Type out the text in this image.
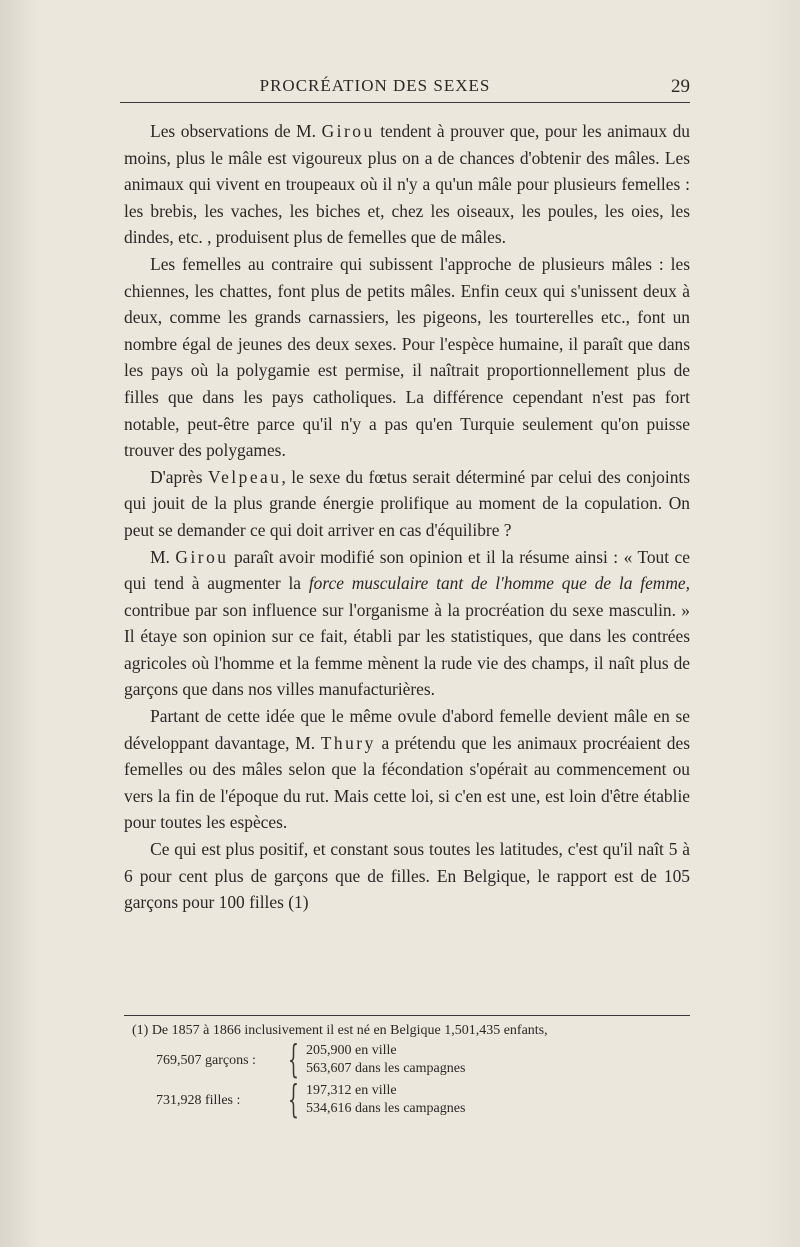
PROCRÉATION DES SEXES	29

Les observations de M. Girou tendent à prouver que, pour les animaux du moins, plus le mâle est vigoureux plus on a de chances d'obtenir des mâles. Les animaux qui vivent en troupeaux où il n'y a qu'un mâle pour plusieurs femelles : les brebis, les vaches, les biches et, chez les oiseaux, les poules, les oies, les dindes, etc. , produisent plus de femelles que de mâles.

Les femelles au contraire qui subissent l'approche de plusieurs mâles : les chiennes, les chattes, font plus de petits mâles. Enfin ceux qui s'unissent deux à deux, comme les grands carnassiers, les pigeons, les tourterelles etc., font un nombre égal de jeunes des deux sexes. Pour l'espèce humaine, il paraît que dans les pays où la polygamie est permise, il naîtrait proportionnellement plus de filles que dans les pays catholiques. La différence cependant n'est pas fort notable, peut-être parce qu'il n'y a pas qu'en Turquie seulement qu'on puisse trouver des polygames.

D'après Velpeau, le sexe du fœtus serait déterminé par celui des conjoints qui jouit de la plus grande énergie prolifique au moment de la copulation. On peut se demander ce qui doit arriver en cas d'équilibre ?

M. Girou paraît avoir modifié son opinion et il la résume ainsi : « Tout ce qui tend à augmenter la force musculaire tant de l'homme que de la femme, contribue par son influence sur l'organisme à la procréation du sexe masculin. » Il étaye son opinion sur ce fait, établi par les statistiques, que dans les contrées agricoles où l'homme et la femme mènent la rude vie des champs, il naît plus de garçons que dans nos villes manufacturières.

Partant de cette idée que le même ovule d'abord femelle devient mâle en se développant davantage, M. Thury a prétendu que les animaux procréaient des femelles ou des mâles selon que la fécondation s'opérait au commencement ou vers la fin de l'époque du rut. Mais cette loi, si c'en est une, est loin d'être établie pour toutes les espèces.

Ce qui est plus positif, et constant sous toutes les latitudes, c'est qu'il naît 5 à 6 pour cent plus de garçons que de filles. En Belgique, le rapport est de 105 garçons pour 100 filles (1)

(1) De 1857 à 1866 inclusivement il est né en Belgique 1,501,435 enfants,
769,507 garçons : { 205,900 en ville
563,607 dans les campagnes
731,928 filles : { 197,312 en ville
534,616 dans les campagnes
